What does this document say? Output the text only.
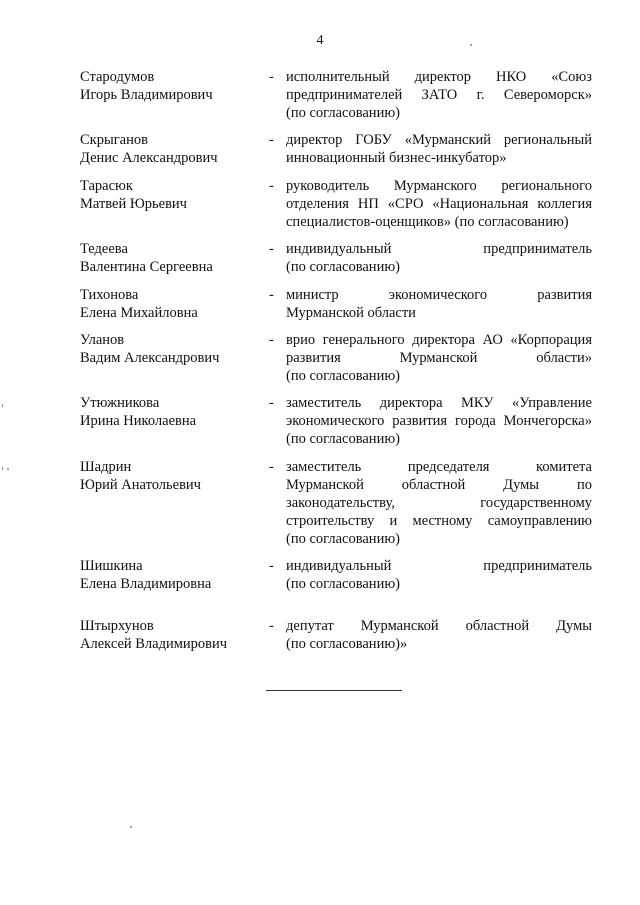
4
Стародумов
Игорь Владимирович
- исполнительный директор НКО «Союз
предпринимателей ЗАТО г. Североморск»
(по согласованию)
Скрыганов
Денис Александрович
- директор ГОБУ «Мурманский региональный
инновационный бизнес-инкубатор»
Тарасюк
Матвей Юрьевич
- руководитель Мурманского регионального
отделения НП «СРО «Национальная коллегия
специалистов-оценщиков» (по согласованию)
Тедеева
Валентина Сергеевна
- индивидуальный предприниматель
(по согласованию)
Тихонова
Елена Михайловна
- министр экономического развития
Мурманской области
Уланов
Вадим Александрович
- врио генерального директора АО «Корпорация
развития Мурманской области»
(по согласованию)
Утюжникова
Ирина Николаевна
- заместитель директора МКУ «Управление
экономического развития города Мончегорска»
(по согласованию)
Шадрин
Юрий Анатольевич
- заместитель председателя комитета
Мурманской областной Думы по
законодательству, государственному
строительству и местному самоуправлению
(по согласованию)
Шишкина
Елена Владимировна
- индивидуальный предприниматель
(по согласованию)
Штырхунов
Алексей Владимирович
- депутат Мурманской областной Думы
(по согласованию)»
